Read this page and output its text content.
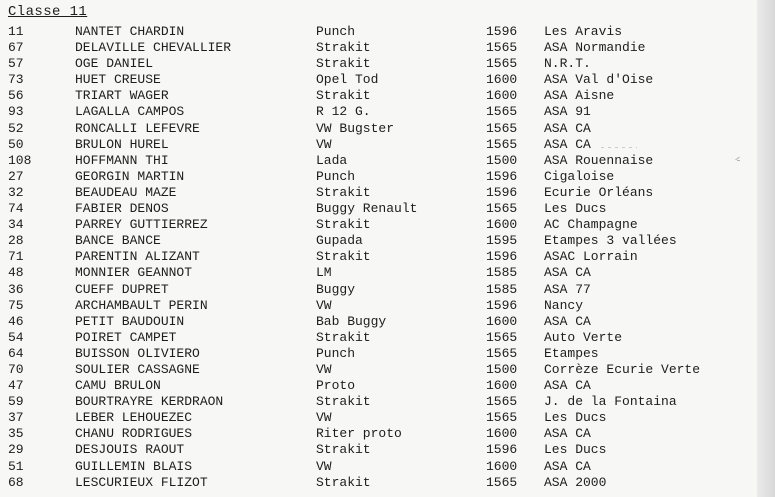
Classe 11
11	NANTET CHARDIN	Punch	1596	Les Aravis
67	DELAVILLE CHEVALLIER	Strakit	1565	ASA Normandie
57	OGE DANIEL	Strakit	1565	N.R.T.
73	HUET CREUSE	Opel Tod	1600	ASA Val d'Oise
56	TRIART WAGER	Strakit	1600	ASA Aisne
93	LAGALLA CAMPOS	R 12 G.	1565	ASA 91
52	RONCALLI LEFEVRE	VW Bugster	1565	ASA CA
50	BRULON HUREL	VW	1565	ASA CA
108	HOFFMANN THI	Lada	1500	ASA Rouennaise
27	GEORGIN MARTIN	Punch	1596	Cigaloise
32	BEAUDEAU MAZE	Strakit	1596	Ecurie Orléans
74	FABIER DENOS	Buggy Renault	1565	Les Ducs
34	PARREY GUTTIERREZ	Strakit	1600	AC Champagne
28	BANCE BANCE	Gupada	1595	Etampes 3 vallées
71	PARENTIN ALIZANT	Strakit	1596	ASAC Lorrain
48	MONNIER GEANNOT	LM	1585	ASA CA
36	CUEFF DUPRET	Buggy	1585	ASA 77
75	ARCHAMBAULT PERIN	VW	1596	Nancy
46	PETIT BAUDOUIN	Bab Buggy	1600	ASA CA
54	POIRET CAMPET	Strakit	1565	Auto Verte
64	BUISSON OLIVIERO	Punch	1565	Etampes
70	SOULIER CASSAGNE	VW	1500	Corrèze Ecurie Verte
47	CAMU BRULON	Proto	1600	ASA CA
59	BOURTRAYRE KERDRAON	Strakit	1565	J. de la Fontaina
37	LEBER LEHOUEZEC	VW	1565	Les Ducs
35	CHANU RODRIGUES	Riter proto	1600	ASA CA
29	DESJOUIS RAOUT	Strakit	1596	Les Ducs
51	GUILLEMIN BLAIS	VW	1600	ASA CA
68	LESCURIEUX FLIZOT	Strakit	1565	ASA 2000
